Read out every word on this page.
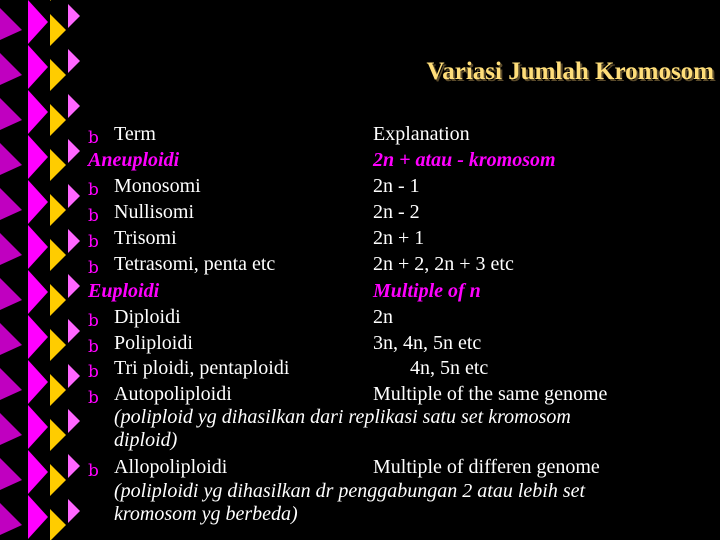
Variasi Jumlah Kromosom
b Term	Explanation
Aneuploidi	2n + atau - kromosom
b Monosomi	2n - 1
b Nullisomi	2n - 2
b Trisomi	2n + 1
b Tetrasomi, penta etc	2n + 2, 2n + 3 etc
Euploidi	Multiple of n
b Diploidi	2n
b Poliploidi	3n, 4n, 5n etc
b Tri ploidi, pentaploidi	4n, 5n etc
b Autopoliploidi	Multiple of the same genome
(poliploid yg dihasilkan dari replikasi satu set kromosom
diploid)
b Allopoliploidi	Multiple of differen genome
(poliploidi yg dihasilkan dr penggabungan 2 atau lebih set
kromosom yg berbeda)
